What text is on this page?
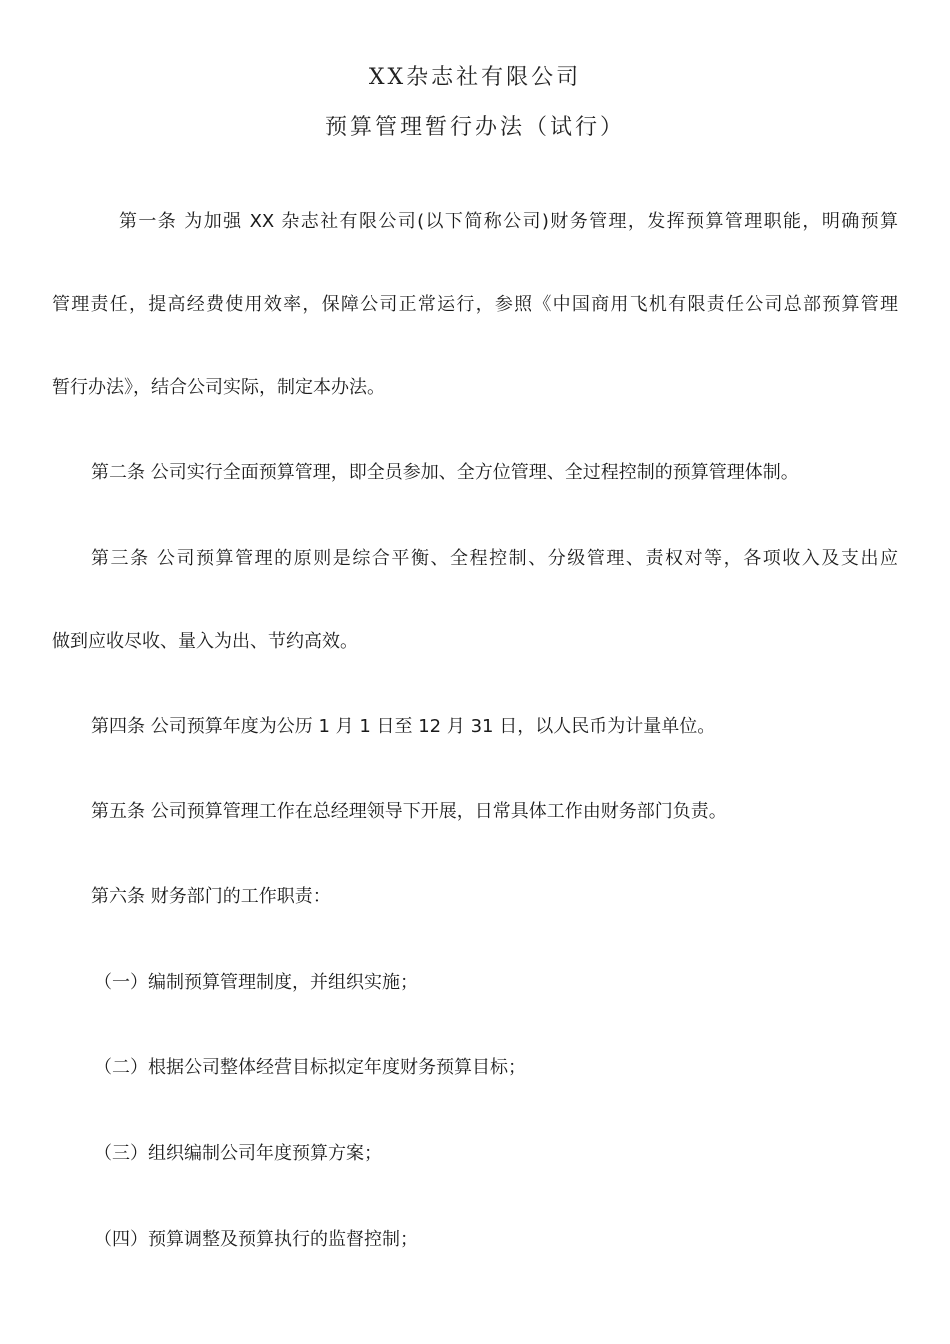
XX杂志社有限公司
预算管理暂行办法（试行）
第一条 为加强 XX 杂志社有限公司(以下简称公司)财务管理，发挥预算管理职能，明确预算
管理责任，提高经费使用效率，保障公司正常运行，参照《中国商用飞机有限责任公司总部预算管理
暂行办法》，结合公司实际，制定本办法。
第二条 公司实行全面预算管理，即全员参加、全方位管理、全过程控制的预算管理体制。
第三条 公司预算管理的原则是综合平衡、全程控制、分级管理、责权对等，各项收入及支出应
做到应收尽收、量入为出、节约高效。
第四条 公司预算年度为公历 1 月 1 日至 12 月 31 日，以人民币为计量单位。
第五条 公司预算管理工作在总经理领导下开展，日常具体工作由财务部门负责。
第六条 财务部门的工作职责：
（一）编制预算管理制度，并组织实施；
（二）根据公司整体经营目标拟定年度财务预算目标；
（三）组织编制公司年度预算方案；
（四）预算调整及预算执行的监督控制；
